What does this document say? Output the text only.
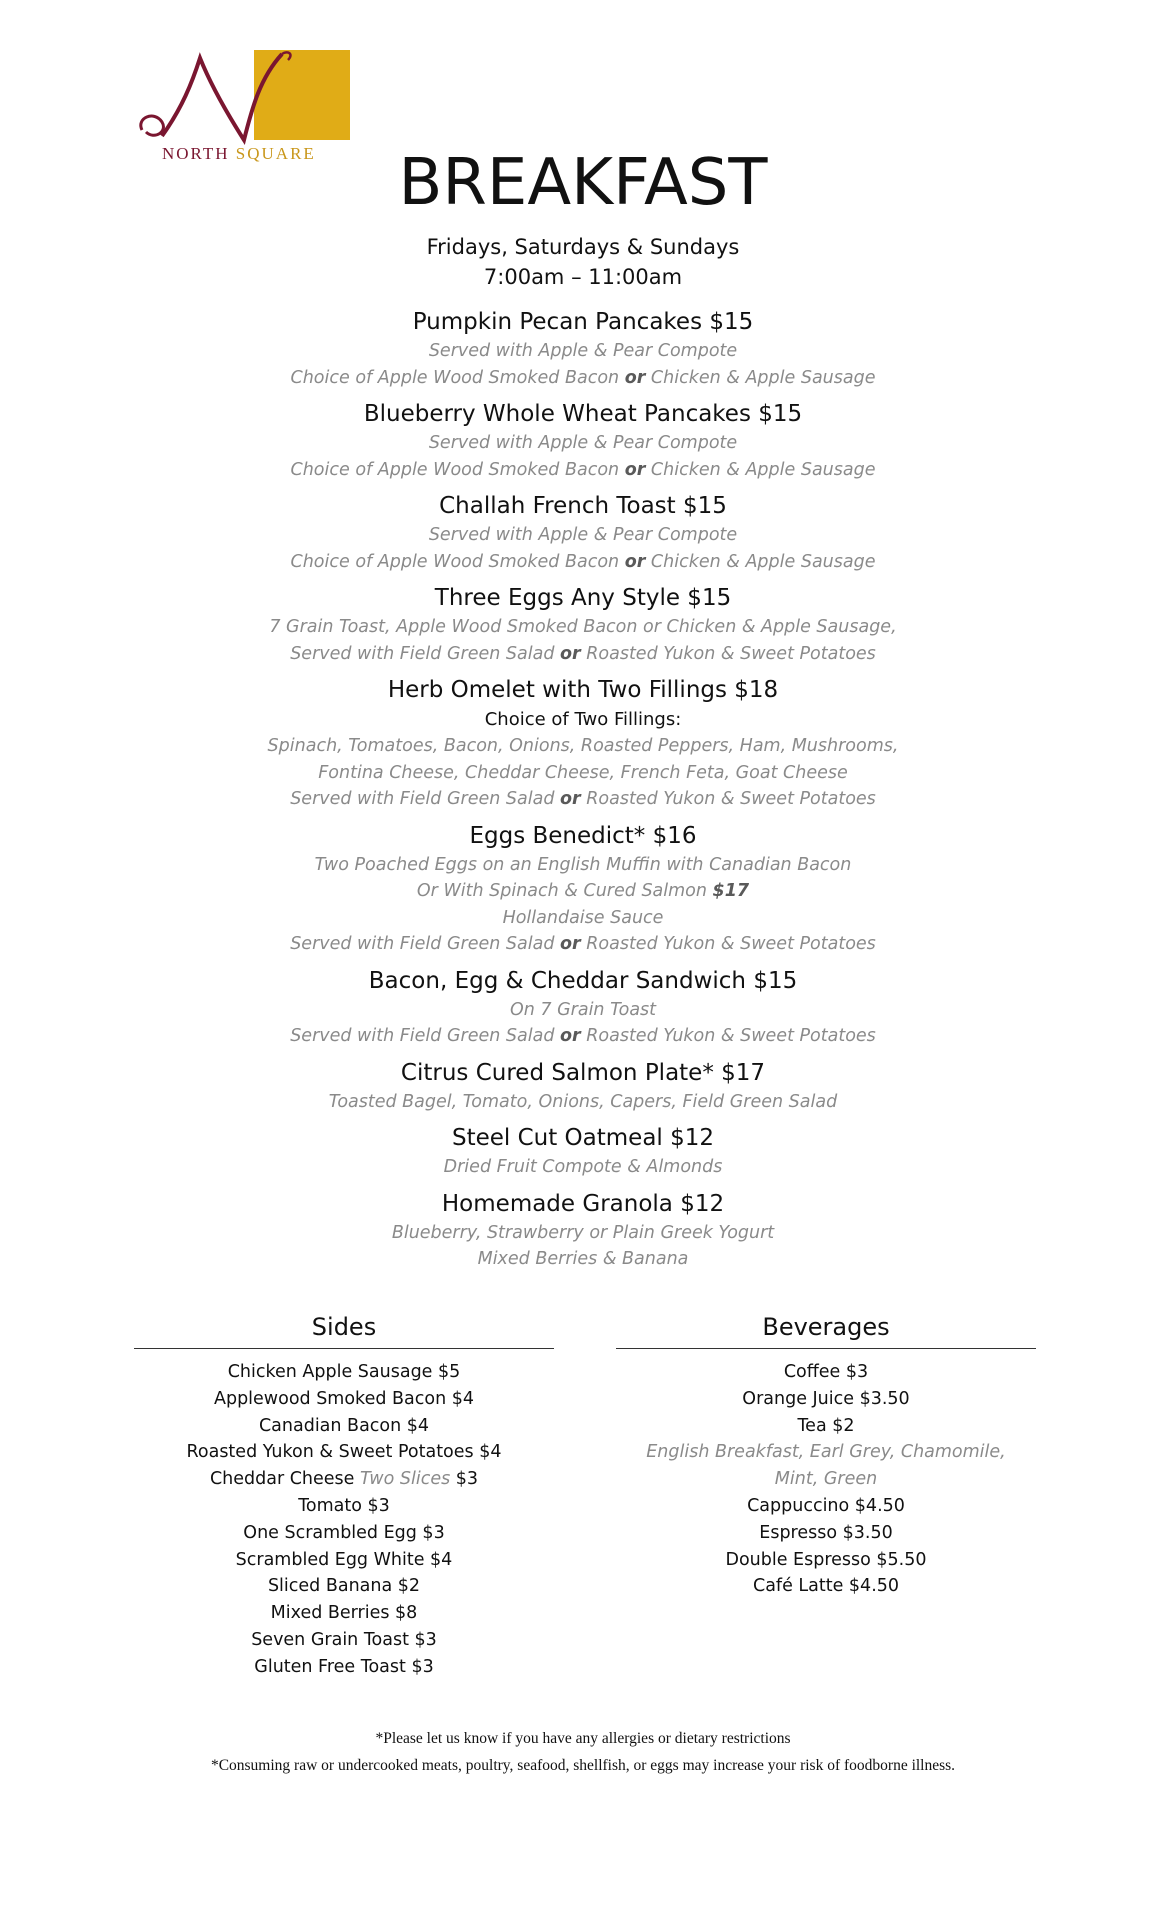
NORTH SQUARE	BREAKFAST
Fridays, Saturdays & Sundays
7:00am – 11:00am
Pumpkin Pecan Pancakes $15
Served with Apple & Pear Compote
Choice of Apple Wood Smoked Bacon or Chicken & Apple Sausage
Blueberry Whole Wheat Pancakes $15
Served with Apple & Pear Compote
Choice of Apple Wood Smoked Bacon or Chicken & Apple Sausage
Challah French Toast $15
Served with Apple & Pear Compote
Choice of Apple Wood Smoked Bacon or Chicken & Apple Sausage
Three Eggs Any Style $15
7 Grain Toast, Apple Wood Smoked Bacon or Chicken & Apple Sausage,
Served with Field Green Salad or Roasted Yukon & Sweet Potatoes
Herb Omelet with Two Fillings $18
Choice of Two Fillings:
Spinach, Tomatoes, Bacon, Onions, Roasted Peppers, Ham, Mushrooms,
Fontina Cheese, Cheddar Cheese, French Feta, Goat Cheese
Served with Field Green Salad or Roasted Yukon & Sweet Potatoes
Eggs Benedict* $16
Two Poached Eggs on an English Muffin with Canadian Bacon
Or With Spinach & Cured Salmon $17
Hollandaise Sauce
Served with Field Green Salad or Roasted Yukon & Sweet Potatoes
Bacon, Egg & Cheddar Sandwich $15
On 7 Grain Toast
Served with Field Green Salad or Roasted Yukon & Sweet Potatoes
Citrus Cured Salmon Plate* $17
Toasted Bagel, Tomato, Onions, Capers, Field Green Salad
Steel Cut Oatmeal $12
Dried Fruit Compote & Almonds
Homemade Granola $12
Blueberry, Strawberry or Plain Greek Yogurt
Mixed Berries & Banana
Sides
Chicken Apple Sausage $5
Applewood Smoked Bacon $4
Canadian Bacon $4
Roasted Yukon & Sweet Potatoes $4
Cheddar Cheese Two Slices $3
Tomato $3
One Scrambled Egg $3
Scrambled Egg White $4
Sliced Banana $2
Mixed Berries $8
Seven Grain Toast $3
Gluten Free Toast $3
Beverages
Coffee $3
Orange Juice $3.50
Tea $2
English Breakfast, Earl Grey, Chamomile,
Mint, Green
Cappuccino $4.50
Espresso $3.50
Double Espresso $5.50
Café Latte $4.50
*Please let us know if you have any allergies or dietary restrictions
*Consuming raw or undercooked meats, poultry, seafood, shellfish, or eggs may increase your risk of foodborne illness.
